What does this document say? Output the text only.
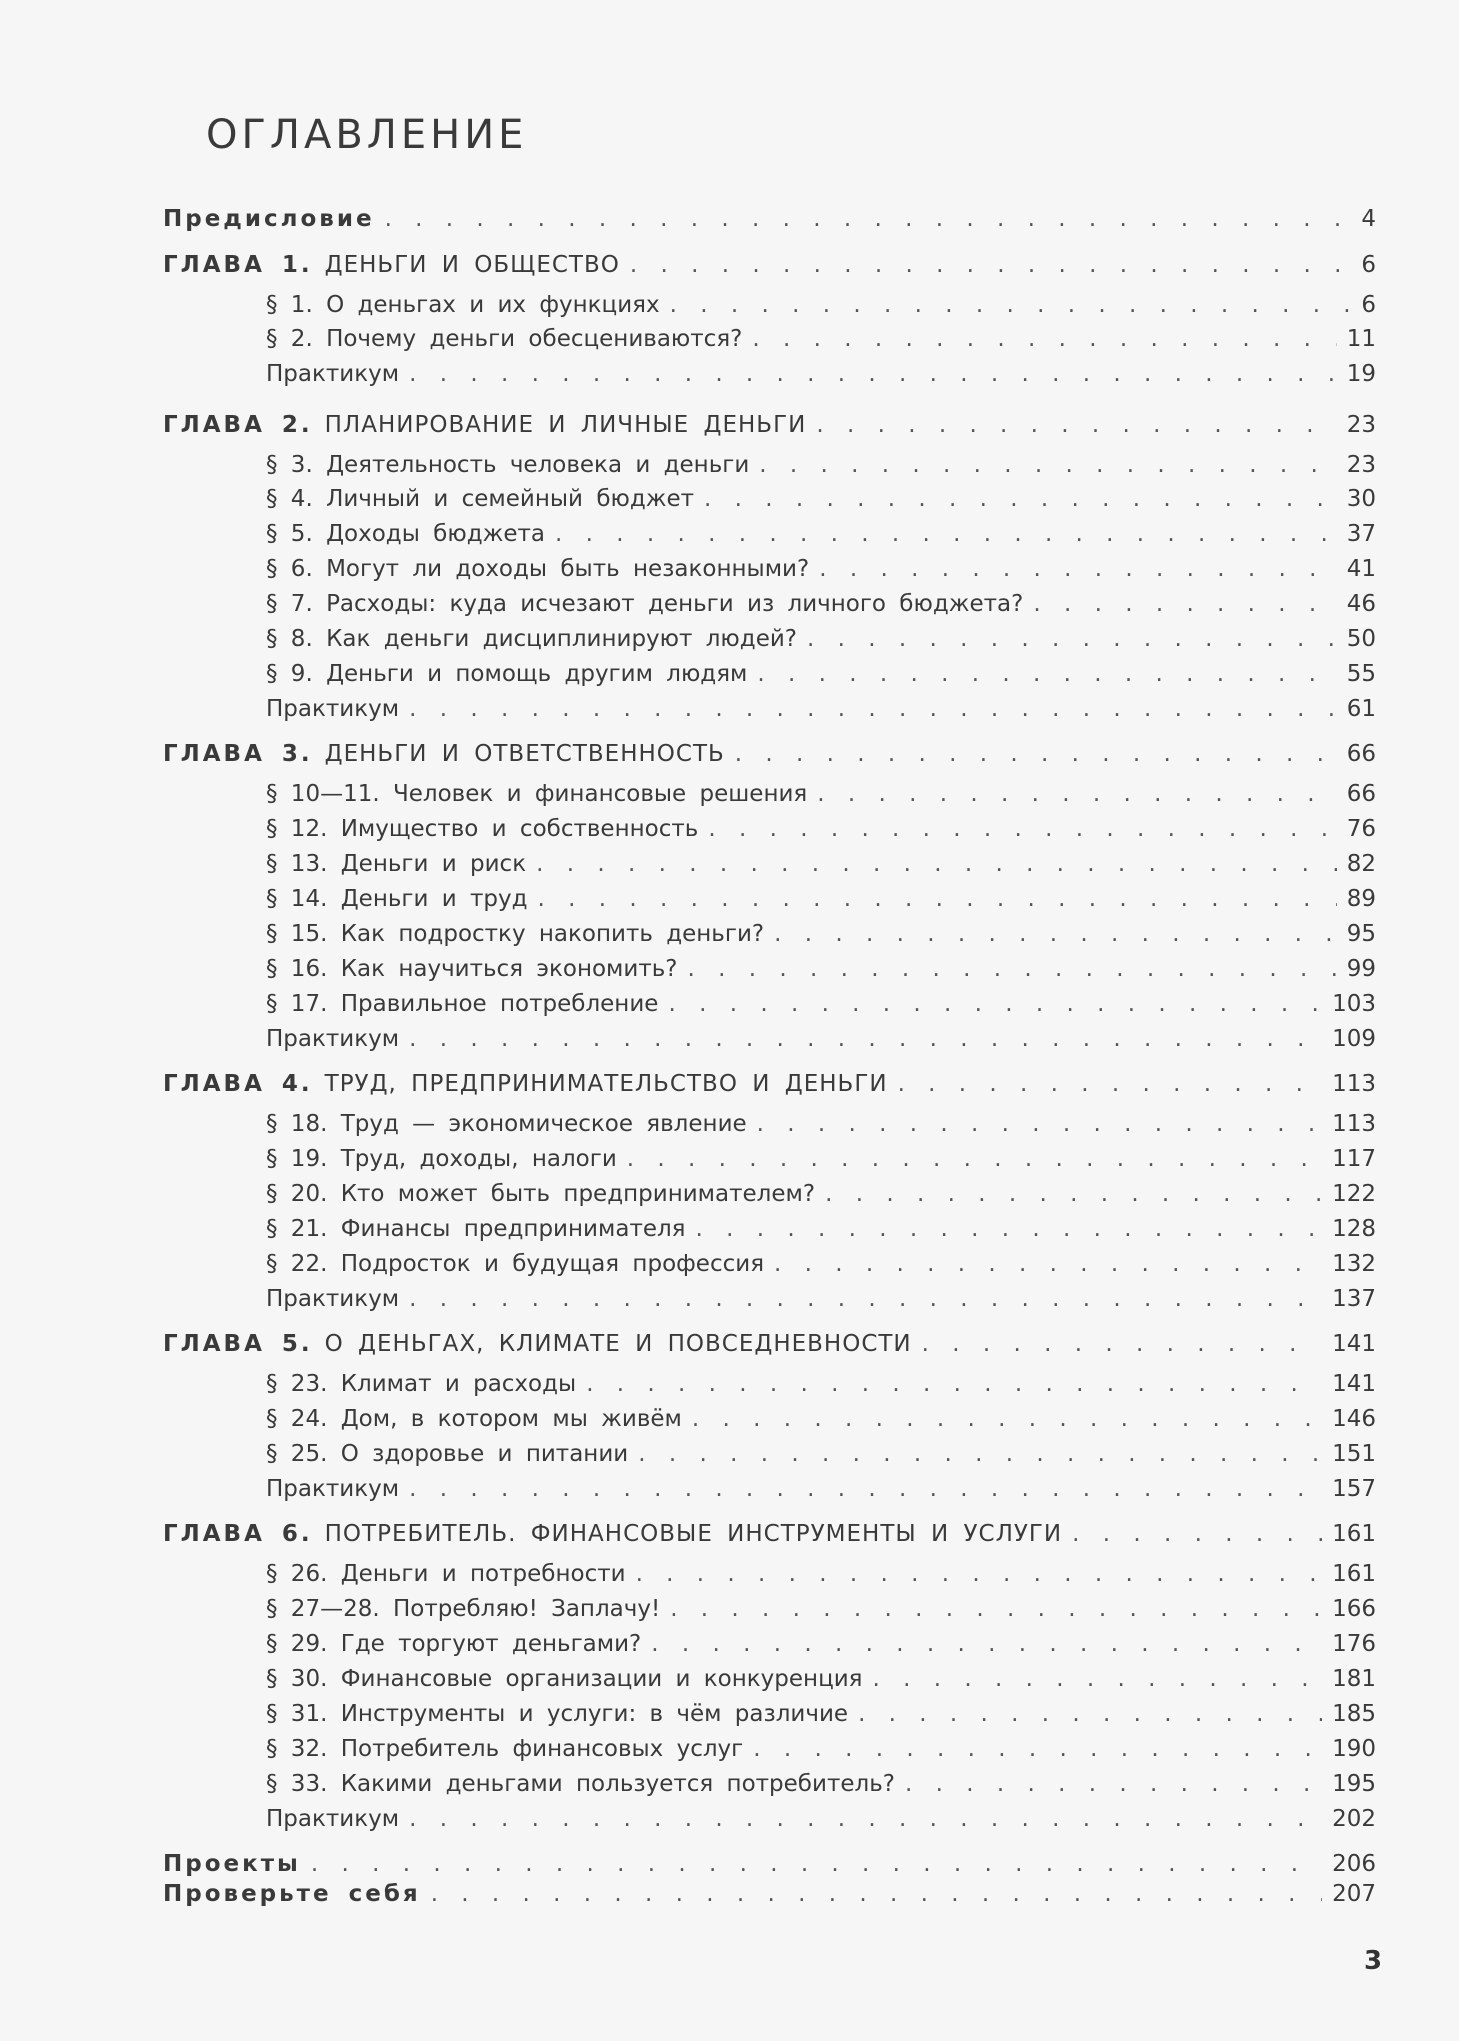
ОГЛАВЛЕНИЕ
Предисловие . . .	4
ГЛАВА 1. ДЕНЬГИ И ОБЩЕСТВО . . .	6
§ 1. О деньгах и их функциях . . .	6
§ 2. Почему деньги обесцениваются? . . .	11
Практикум . . .	19
ГЛАВА 2. ПЛАНИРОВАНИЕ И ЛИЧНЫЕ ДЕНЬГИ . . .	23
§ 3. Деятельность человека и деньги . . .	23
§ 4. Личный и семейный бюджет . . .	30
§ 5. Доходы бюджета . . .	37
§ 6. Могут ли доходы быть незаконными? . . .	41
§ 7. Расходы: куда исчезают деньги из личного бюджета? . . .	46
§ 8. Как деньги дисциплинируют людей? . . .	50
§ 9. Деньги и помощь другим людям . . .	55
Практикум . . .	61
ГЛАВА 3. ДЕНЬГИ И ОТВЕТСТВЕННОСТЬ . . .	66
§ 10—11. Человек и финансовые решения . . .	66
§ 12. Имущество и собственность . . .	76
§ 13. Деньги и риск . . .	82
§ 14. Деньги и труд . . .	89
§ 15. Как подростку накопить деньги? . . .	95
§ 16. Как научиться экономить? . . .	99
§ 17. Правильное потребление . . .	103
Практикум . . .	109
ГЛАВА 4. ТРУД, ПРЕДПРИНИМАТЕЛЬСТВО И ДЕНЬГИ . . .	113
§ 18. Труд — экономическое явление . . .	113
§ 19. Труд, доходы, налоги . . .	117
§ 20. Кто может быть предпринимателем? . . .	122
§ 21. Финансы предпринимателя . . .	128
§ 22. Подросток и будущая профессия . . .	132
Практикум . . .	137
ГЛАВА 5. О ДЕНЬГАХ, КЛИМАТЕ И ПОВСЕДНЕВНОСТИ . . .	141
§ 23. Климат и расходы . . .	141
§ 24. Дом, в котором мы живём . . .	146
§ 25. О здоровье и питании . . .	151
Практикум . . .	157
ГЛАВА 6. ПОТРЕБИТЕЛЬ. ФИНАНСОВЫЕ ИНСТРУМЕНТЫ И УСЛУГИ . . .	161
§ 26. Деньги и потребности . . .	161
§ 27—28. Потребляю! Заплачу! . . .	166
§ 29. Где торгуют деньгами? . . .	176
§ 30. Финансовые организации и конкуренция . . .	181
§ 31. Инструменты и услуги: в чём различие . . .	185
§ 32. Потребитель финансовых услуг . . .	190
§ 33. Какими деньгами пользуется потребитель? . . .	195
Практикум . . .	202
Проекты . . .	206
Проверьте себя . . .	207
3
